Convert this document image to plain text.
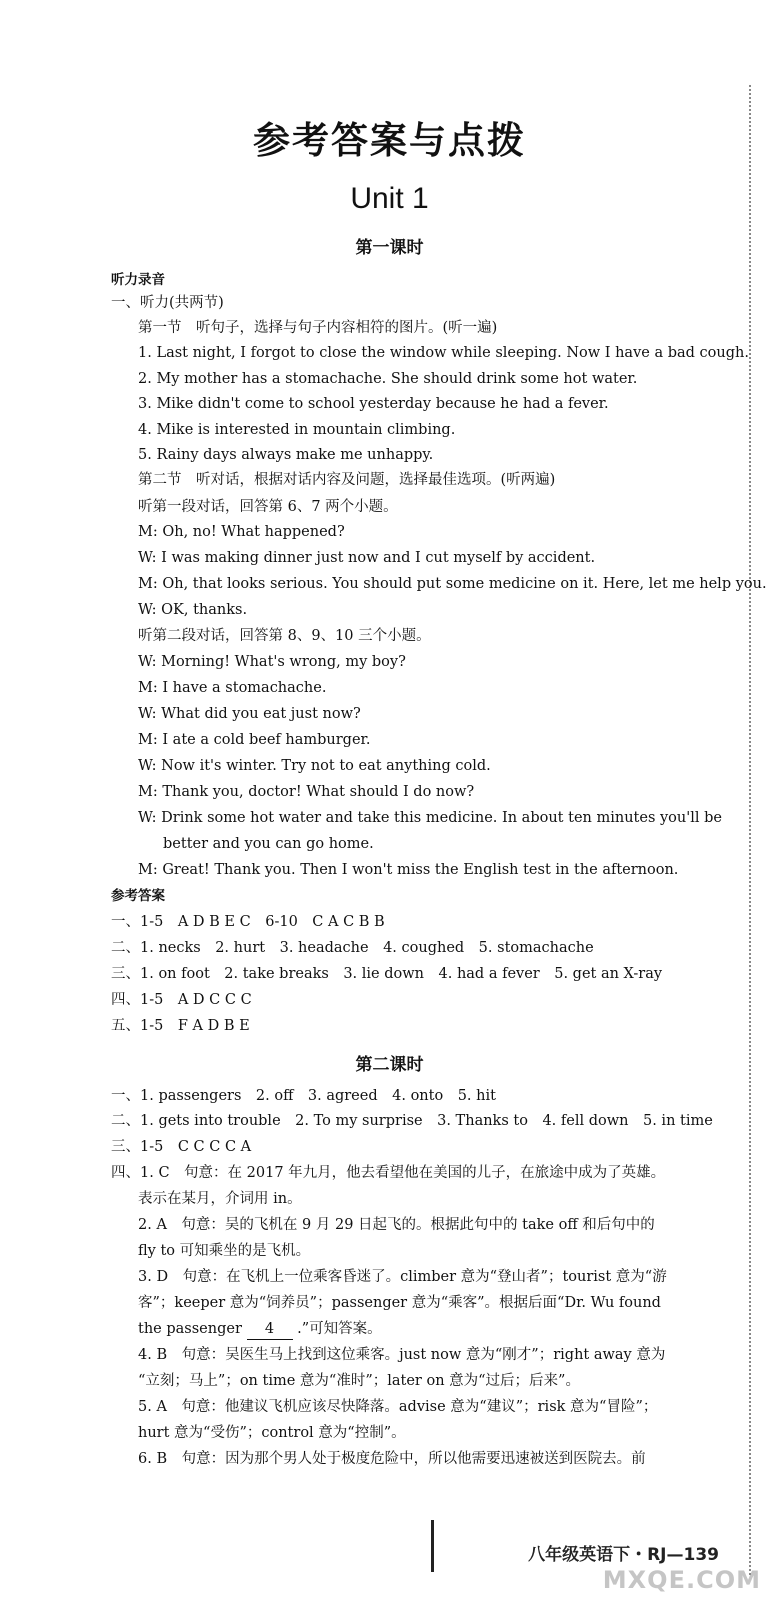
参考答案与点拨
Unit 1
第一课时
听力录音
一、听力(共两节)
第一节　听句子，选择与句子内容相符的图片。(听一遍)
1. Last night, I forgot to close the window while sleeping. Now I have a bad cough.
2. My mother has a stomachache. She should drink some hot water.
3. Mike didn't come to school yesterday because he had a fever.
4. Mike is interested in mountain climbing.
5. Rainy days always make me unhappy.
第二节　听对话，根据对话内容及问题，选择最佳选项。(听两遍)
听第一段对话，回答第 6、7 两个小题。
M: Oh, no! What happened?
W: I was making dinner just now and I cut myself by accident.
M: Oh, that looks serious. You should put some medicine on it. Here, let me help you.
W: OK, thanks.
听第二段对话，回答第 8、9、10 三个小题。
W: Morning! What's wrong, my boy?
M: I have a stomachache.
W: What did you eat just now?
M: I ate a cold beef hamburger.
W: Now it's winter. Try not to eat anything cold.
M: Thank you, doctor! What should I do now?
W: Drink some hot water and take this medicine. In about ten minutes you'll be
better and you can go home.
M: Great! Thank you. Then I won't miss the English test in the afternoon.
参考答案
一、1-5　A D B E C　6-10　C A C B B
二、1. necks　2. hurt　3. headache　4. coughed　5. stomachache
三、1. on foot　2. take breaks　3. lie down　4. had a fever　5. get an X-ray
四、1-5　A D C C C
五、1-5　F A D B E
第二课时
一、1. passengers　2. off　3. agreed　4. onto　5. hit
二、1. gets into trouble　2. To my surprise　3. Thanks to　4. fell down　5. in time
三、1-5　C C C C A
四、1. C　句意：在 2017 年九月，他去看望他在美国的儿子，在旅途中成为了英雄。
表示在某月，介词用 in。
2. A　句意：吴的飞机在 9 月 29 日起飞的。根据此句中的 take off 和后句中的
fly to 可知乘坐的是飞机。
3. D　句意：在飞机上一位乘客昏迷了。climber 意为“登山者”；tourist 意为“游
客”；keeper 意为“饲养员”；passenger 意为“乘客”。根据后面“Dr. Wu found
the passenger 4 .”可知答案。
4. B　句意：吴医生马上找到这位乘客。just now 意为“刚才”；right away 意为
“立刻；马上”；on time 意为“准时”；later on 意为“过后；后来”。
5. A　句意：他建议飞机应该尽快降落。advise 意为“建议”；risk 意为“冒险”；
hurt 意为“受伤”；control 意为“控制”。
6. B　句意：因为那个男人处于极度危险中，所以他需要迅速被送到医院去。前
八年级英语下・RJ—139
MXQE.COM
